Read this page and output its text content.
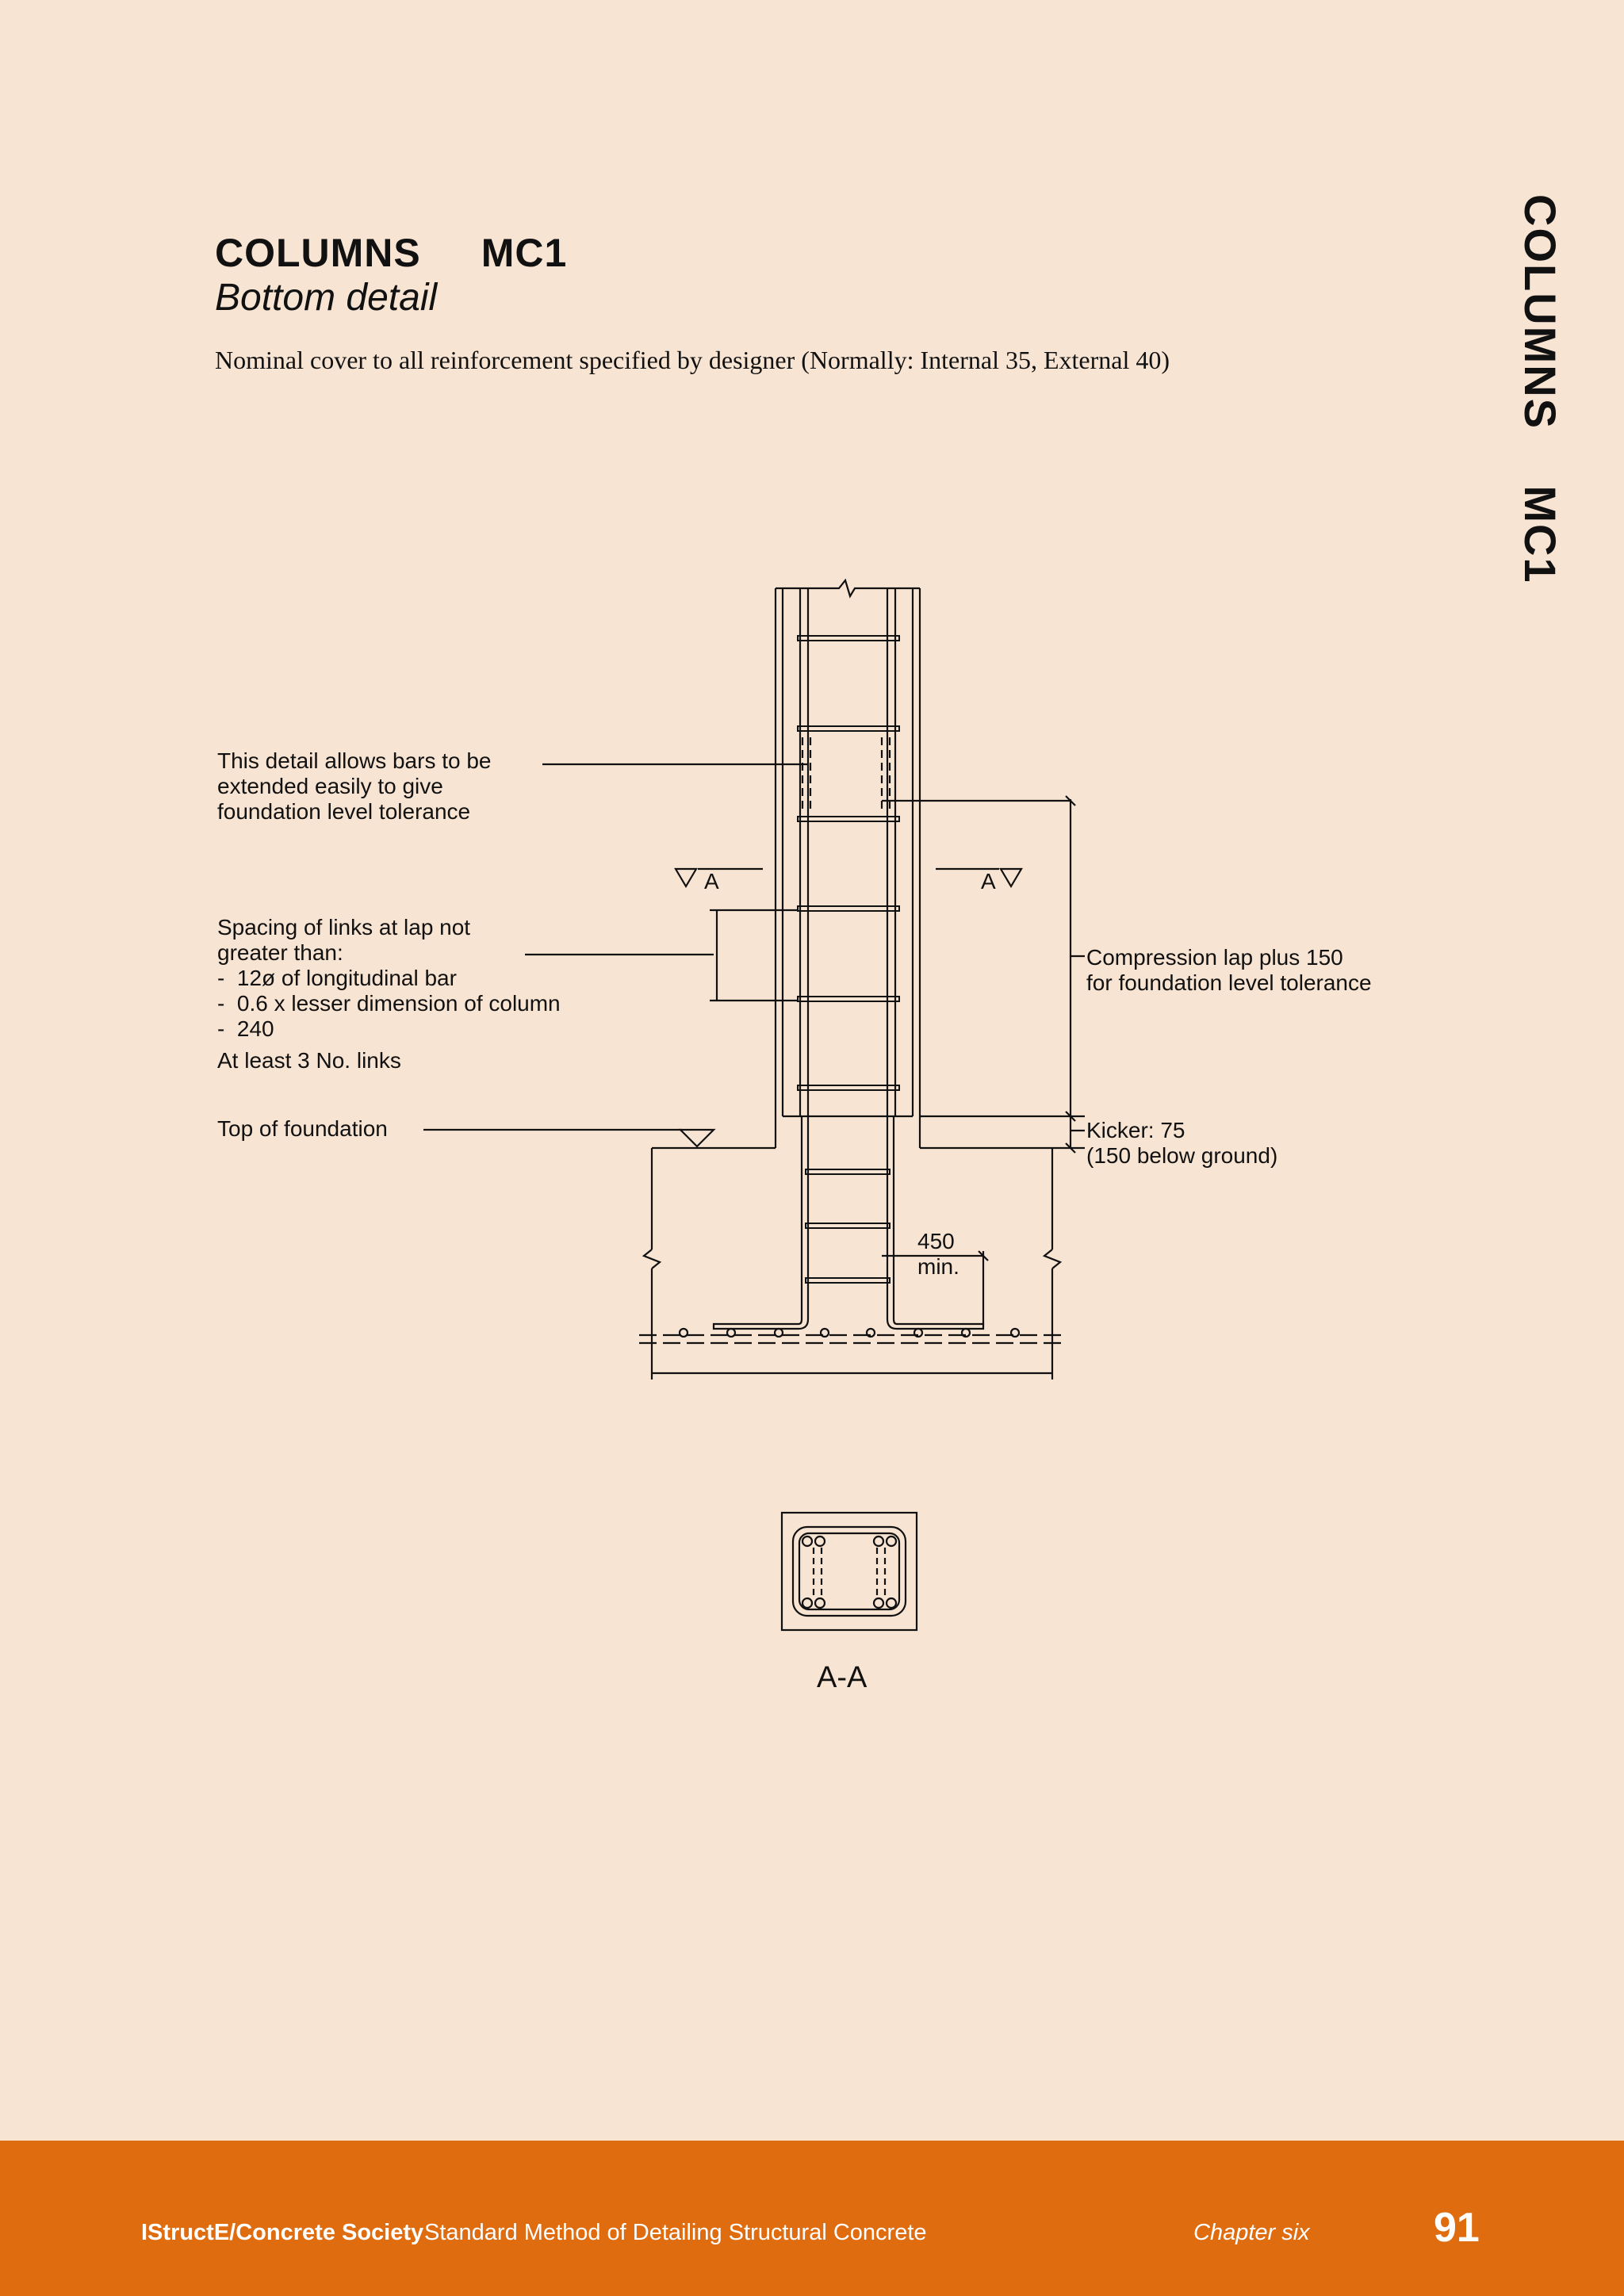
COLUMNS MC1
Bottom detail
Nominal cover to all reinforcement specified by designer (Normally: Internal 35, External 40)	COLUMNS    MC1
This detail allows bars to be
extended easily to give
foundation level tolerance
Spacing of links at lap not
greater than:
-  12ø of longitudinal bar
-  0.6 x lesser dimension of column
-  240
At least 3 No. links
Top of foundation
Compression lap plus 150
for foundation level tolerance
Kicker: 75
(150 below ground)
450
min.
A	A
A-A
IStructE/Concrete Society Standard Method of Detailing Structural Concrete	Chapter six	91
